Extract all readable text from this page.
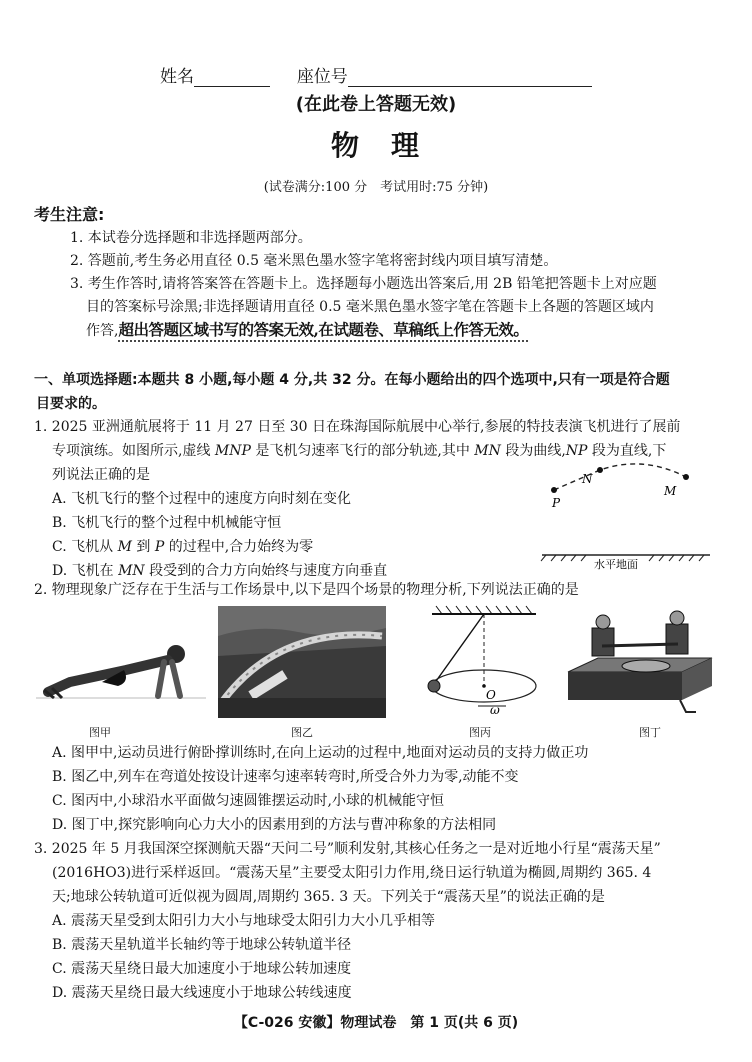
姓名	座位号
(在此卷上答题无效)
物　理
(试卷满分:100 分　考试用时:75 分钟)
考生注意:
1. 本试卷分选择题和非选择题两部分。
2. 答题前,考生务必用直径 0.5 毫米黑色墨水签字笔将密封线内项目填写清楚。
3. 考生作答时,请将答案答在答题卡上。选择题每小题选出答案后,用 2B 铅笔把答题卡上对应题
目的答案标号涂黑;非选择题请用直径 0.5 毫米黑色墨水签字笔在答题卡上各题的答题区域内
作答,超出答题区域书写的答案无效,在试题卷、草稿纸上作答无效。
一、单项选择题:本题共 8 小题,每小题 4 分,共 32 分。在每小题给出的四个选项中,只有一项是符合题
目要求的。
1. 2025 亚洲通航展将于 11 月 27 日至 30 日在珠海国际航展中心举行,参展的特技表演飞机进行了展前
专项演练。如图所示,虚线 MNP 是飞机匀速率飞行的部分轨迹,其中 MN 段为曲线,NP 段为直线,下
列说法正确的是
A. 飞机飞行的整个过程中的速度方向时刻在变化
B. 飞机飞行的整个过程中机械能守恒
C. 飞机从 M 到 P 的过程中,合力始终为零
D. 飞机在 MN 段受到的合力方向始终与速度方向垂直
P
N
M
水平地面
2. 物理现象广泛存在于生活与工作场景中,以下是四个场景的物理分析,下列说法正确的是
图甲	图乙
O
ω
图丙	图丁
A. 图甲中,运动员进行俯卧撑训练时,在向上运动的过程中,地面对运动员的支持力做正功
B. 图乙中,列车在弯道处按设计速率匀速率转弯时,所受合外力为零,动能不变
C. 图丙中,小球沿水平面做匀速圆锥摆运动时,小球的机械能守恒
D. 图丁中,探究影响向心力大小的因素用到的方法与曹冲称象的方法相同
3. 2025 年 5 月我国深空探测航天器“天问二号”顺利发射,其核心任务之一是对近地小行星“震荡天星”
(2016HO3)进行采样返回。“震荡天星”主要受太阳引力作用,绕日运行轨道为椭圆,周期约 365. 4
天;地球公转轨道可近似视为圆周,周期约 365. 3 天。下列关于“震荡天星”的说法正确的是
A. 震荡天星受到太阳引力大小与地球受太阳引力大小几乎相等
B. 震荡天星轨道半长轴约等于地球公转轨道半径
C. 震荡天星绕日最大加速度小于地球公转加速度
D. 震荡天星绕日最大线速度小于地球公转线速度
【C-026 安徽】物理试卷　第 1 页(共 6 页)
